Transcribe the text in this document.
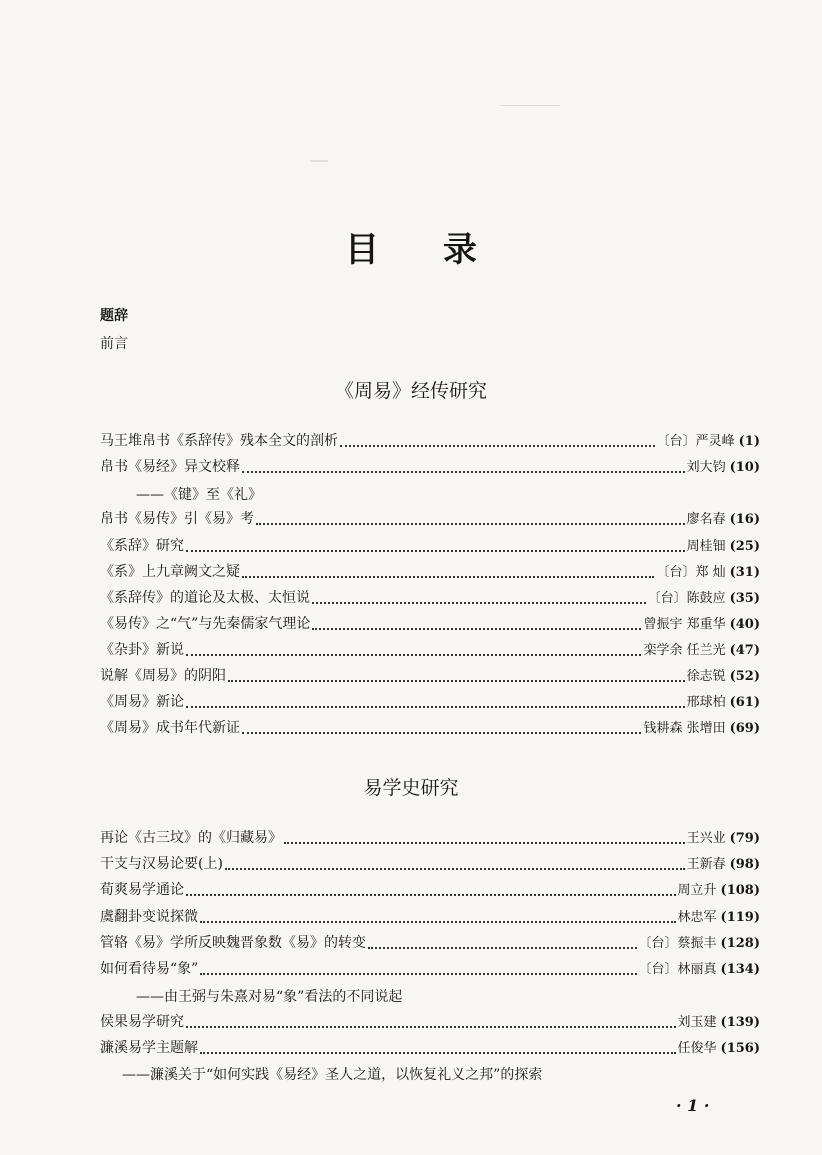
目录
题辞
前言
《周易》经传研究
马王堆帛书《系辞传》残本全文的剖析	〔台〕严灵峰 (1)
帛书《易经》异文校释	刘大钧 (10)
——《键》至《礼》
帛书《易传》引《易》考	廖名春 (16)
《系辞》研究	周桂钿 (25)
《系》上九章阙文之疑	〔台〕郑 灿 (31)
《系辞传》的道论及太极、太恒说	〔台〕陈鼓应 (35)
《易传》之“气”与先秦儒家气理论	曾振宇 郑重华 (40)
《杂卦》新说	栾学余 任兰光 (47)
说解《周易》的阴阳	徐志锐 (52)
《周易》新论	邢球柏 (61)
《周易》成书年代新证	钱耕森 张增田 (69)
易学史研究
再论《古三坟》的《归藏易》	王兴业 (79)
干支与汉易论要(上)	王新春 (98)
荀爽易学通论	周立升 (108)
虞翻卦变说探微	林忠军 (119)
管辂《易》学所反映魏晋象数《易》的转变	〔台〕蔡振丰 (128)
如何看待易“象”	〔台〕林丽真 (134)
——由王弼与朱熹对易“象”看法的不同说起
侯果易学研究	刘玉建 (139)
濂溪易学主题解	任俊华 (156)
——濂溪关于“如何实践《易经》圣人之道，以恢复礼义之邦”的探索
· 1 ·
